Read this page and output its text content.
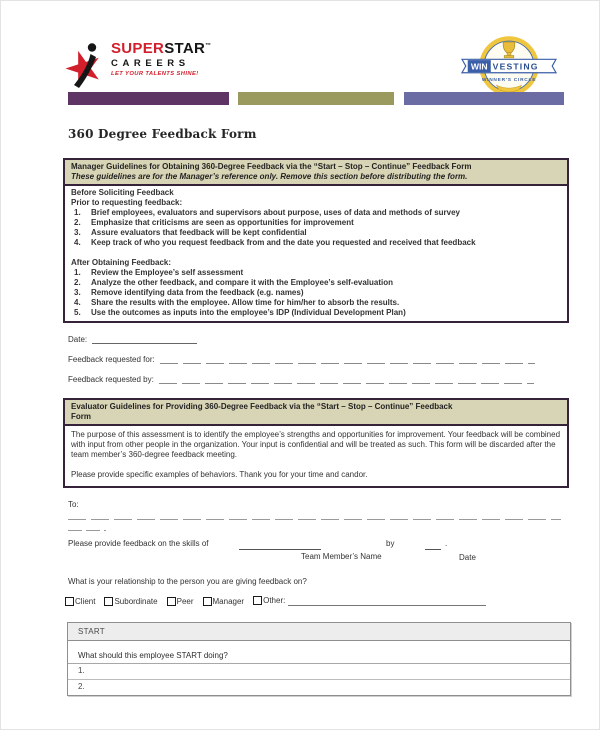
SUPERSTAR™
CAREERS
LET YOUR TALENTS SHINE!
WIN VESTING
WINNER'S CIRCLE
360 Degree Feedback Form
Manager Guidelines for Obtaining 360-Degree Feedback via the “Start – Stop – Continue” Feedback Form
These guidelines are for the Manager’s reference only. Remove this section before distributing the form.
Before Soliciting Feedback
Prior to requesting feedback:
1.	Brief employees, evaluators and supervisors about purpose, uses of data and methods of survey
2.	Emphasize that criticisms are seen as opportunities for improvement
3.	Assure evaluators that feedback will be kept confidential
4.	Keep track of who you request feedback from and the date you requested and received that feedback
After Obtaining Feedback:
1.	Review the Employee’s self assessment
2.	Analyze the other feedback, and compare it with the Employee’s self-evaluation
3.	Remove identifying data from the feedback (e.g. names)
4.	Share the results with the employee. Allow time for him/her to absorb the results.
5.	Use the outcomes as inputs into the employee’s IDP (Individual Development Plan)
Date:
Feedback requested for:
Feedback requested by:
Evaluator Guidelines for Providing 360-Degree Feedback via the “Start – Stop – Continue” Feedback
Form
The purpose of this assessment is to identify the employee’s strengths and opportunities for improvement. Your feedback will be combined with input from other people in the organization. Your input is confidential and will be treated as such. This form will be discarded after the team member’s 360-degree feedback meeting.
Please provide specific examples of behaviors. Thank you for your time and candor.
To:
Please provide feedback on the skills of	by	.
Team Member’s Name	Date
What is your relationship to the person you are giving feedback on?
Client Subordinate Peer Manager Other:
START
What should this employee START doing?
1.
2.
